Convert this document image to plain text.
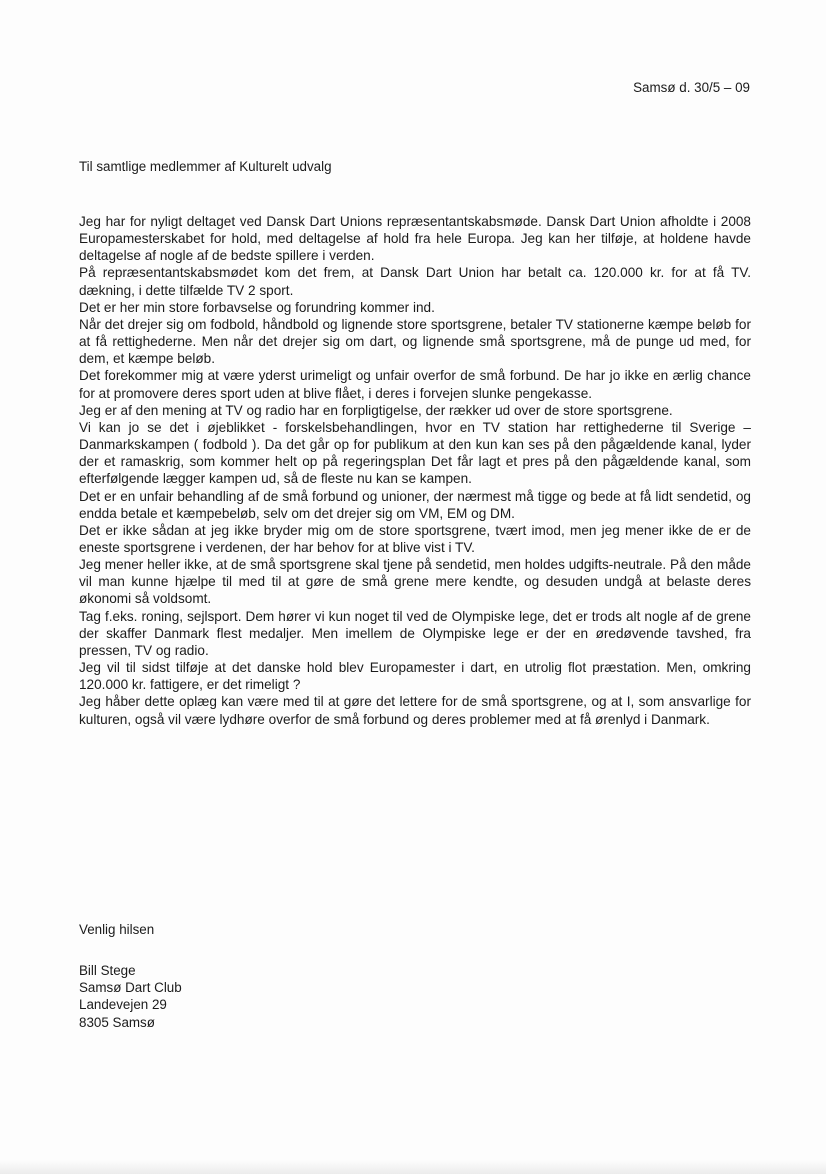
Samsø d. 30/5 – 09
Til samtlige medlemmer af Kulturelt udvalg

Jeg har for nyligt deltaget ved Dansk Dart Unions repræsentantskabsmøde. Dansk Dart Union afholdte i 2008 Europamesterskabet for hold, med deltagelse af hold fra hele Europa. Jeg kan her tilføje, at holdene havde deltagelse af nogle af de bedste spillere i verden.

På repræsentantskabsmødet kom det frem, at Dansk Dart Union har betalt ca. 120.000 kr. for at få TV. dækning, i dette tilfælde TV 2 sport.

Det er her min store forbavselse og forundring kommer ind.

Når det drejer sig om fodbold, håndbold og lignende store sportsgrene, betaler TV stationerne kæmpe beløb for at få rettighederne. Men når det drejer sig om dart, og lignende små sportsgrene, må de punge ud med, for dem, et kæmpe beløb.

Det forekommer mig at være yderst urimeligt og unfair overfor de små forbund. De har jo ikke en ærlig chance for at promovere deres sport uden at blive flået, i deres i forvejen slunke pengekasse.

Jeg er af den mening at TV og radio har en forpligtigelse, der rækker ud over de store sportsgrene.

Vi kan jo se det i øjeblikket - forskelsbehandlingen, hvor en TV station har rettighederne til Sverige – Danmarkskampen ( fodbold ). Da det går op for publikum at den kun kan ses på den pågældende kanal, lyder der et ramaskrig, som kommer helt op på regeringsplan Det får lagt et pres på den pågældende kanal, som efterfølgende lægger kampen ud, så de fleste nu kan se kampen.

Det er en unfair behandling af de små forbund og unioner, der nærmest må tigge og bede at få lidt sendetid, og endda betale et kæmpebeløb, selv om det drejer sig om VM, EM og DM.

Det er ikke sådan at jeg ikke bryder mig om de store sportsgrene, tvært imod, men jeg mener ikke de er de eneste sportsgrene i verdenen, der har behov for at blive vist i TV.

Jeg mener heller ikke, at de små sportsgrene skal tjene på sendetid, men holdes udgifts-neutrale. På den måde vil man kunne hjælpe til med til at gøre de små grene mere kendte, og desuden undgå at belaste deres økonomi så voldsomt.

Tag f.eks. roning, sejlsport. Dem hører vi kun noget til ved de Olympiske lege, det er trods alt nogle af de grene der skaffer Danmark flest medaljer. Men imellem de Olympiske lege er der en øredøvende tavshed, fra pressen, TV og radio.

Jeg vil til sidst tilføje at det danske hold blev Europamester i dart, en utrolig flot præstation. Men, omkring 120.000 kr. fattigere, er det rimeligt ?

Jeg håber dette oplæg kan være med til at gøre det lettere for de små sportsgrene, og at I, som ansvarlige for kulturen, også vil være lydhøre overfor de små forbund og deres problemer med at få ørenlyd i Danmark.

Venlig hilsen
Bill Stege
Samsø Dart Club
Landevejen 29
8305 Samsø
